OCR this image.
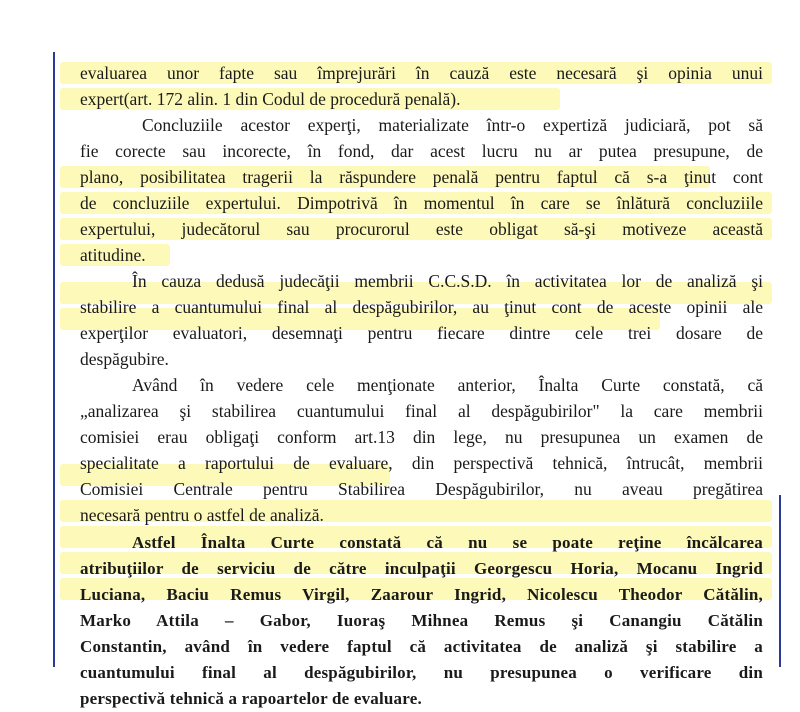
evaluarea unor fapte sau împrejurări în cauză este necesară şi opinia unui
expert(art. 172 alin. 1 din Codul de procedură penală).
Concluziile acestor experţi, materializate într-o expertiză judiciară, pot să
fie corecte sau incorecte, în fond, dar acest lucru nu ar putea presupune, de
plano, posibilitatea tragerii la răspundere penală pentru faptul că s-a ţinut cont
de concluziile expertului. Dimpotrivă în momentul în care se înlătură concluziile
expertului, judecătorul sau procurorul este obligat să-şi motiveze această
atitudine.
În cauza dedusă judecăţii membrii C.C.S.D. în activitatea lor de analiză şi
stabilire a cuantumului final al despăgubirilor, au ţinut cont de aceste opinii ale
experţilor evaluatori, desemnaţi pentru fiecare dintre cele trei dosare de
despăgubire.
Având în vedere cele menţionate anterior, Înalta Curte constată, că
„analizarea şi stabilirea cuantumului final al despăgubirilor" la care membrii
comisiei erau obligaţi conform art.13 din lege, nu presupunea un examen de
specialitate a raportului de evaluare, din perspectivă tehnică, întrucât, membrii
Comisiei Centrale pentru Stabilirea Despăgubirilor, nu aveau pregătirea
necesară pentru o astfel de analiză.
Astfel Înalta Curte constată că nu se poate reţine încălcarea
atribuţiilor de serviciu de către inculpaţii Georgescu Horia, Mocanu Ingrid
Luciana, Baciu Remus Virgil, Zaarour Ingrid, Nicolescu Theodor Cătălin,
Marko Attila – Gabor, Iuoraş Mihnea Remus şi Canangiu Cătălin
Constantin, având în vedere faptul că activitatea de analiză şi stabilire a
cuantumului final al despăgubirilor, nu presupunea o verificare din
perspectivă tehnică a rapoartelor de evaluare.
